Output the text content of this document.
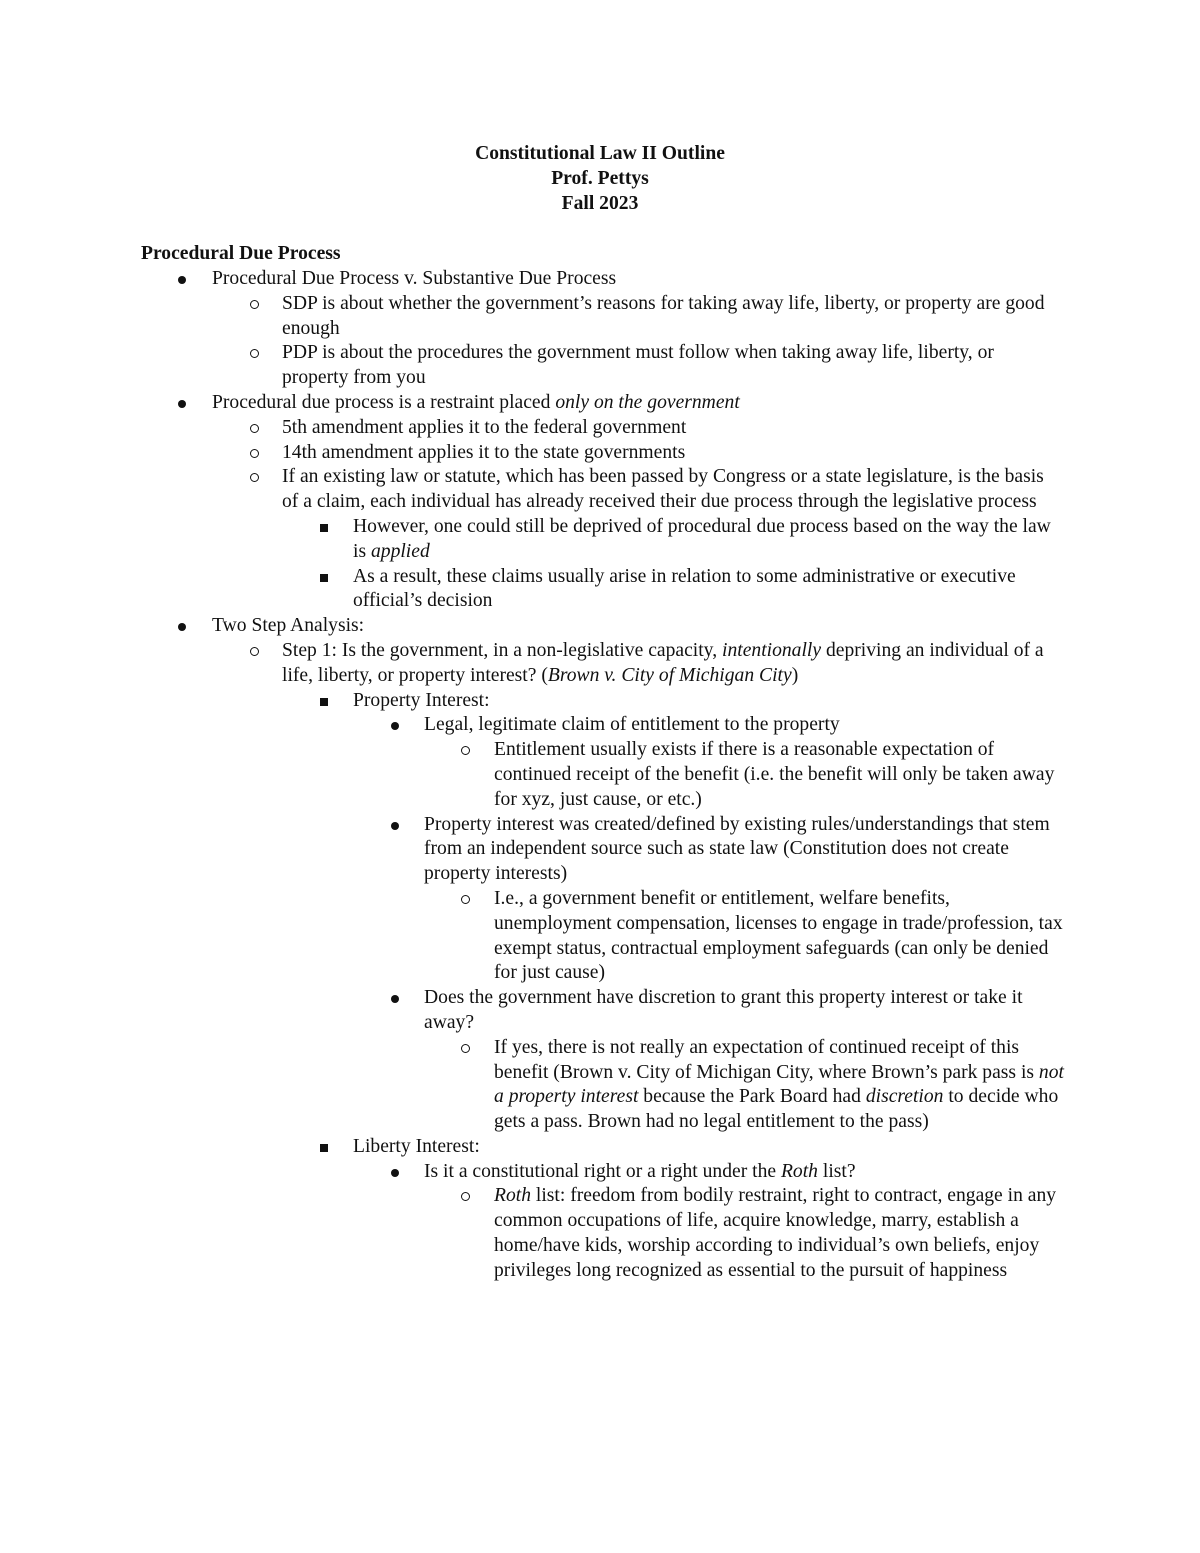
Constitutional Law II Outline
Prof. Pettys
Fall 2023
Procedural Due Process
Procedural Due Process v. Substantive Due Process
SDP is about whether the government’s reasons for taking away life, liberty, or property are good enough
PDP is about the procedures the government must follow when taking away life, liberty, or property from you
Procedural due process is a restraint placed only on the government
5th amendment applies it to the federal government
14th amendment applies it to the state governments
If an existing law or statute, which has been passed by Congress or a state legislature, is the basis of a claim, each individual has already received their due process through the legislative process
However, one could still be deprived of procedural due process based on the way the law is applied
As a result, these claims usually arise in relation to some administrative or executive official’s decision
Two Step Analysis:
Step 1: Is the government, in a non-legislative capacity, intentionally depriving an individual of a life, liberty, or property interest? (Brown v. City of Michigan City)
Property Interest:
Legal, legitimate claim of entitlement to the property
Entitlement usually exists if there is a reasonable expectation of continued receipt of the benefit (i.e. the benefit will only be taken away for xyz, just cause, or etc.)
Property interest was created/defined by existing rules/understandings that stem from an independent source such as state law (Constitution does not create property interests)
I.e., a government benefit or entitlement, welfare benefits, unemployment compensation, licenses to engage in trade/profession, tax exempt status, contractual employment safeguards (can only be denied for just cause)
Does the government have discretion to grant this property interest or take it away?
If yes, there is not really an expectation of continued receipt of this benefit (Brown v. City of Michigan City, where Brown’s park pass is not a property interest because the Park Board had discretion to decide who gets a pass. Brown had no legal entitlement to the pass)
Liberty Interest:
Is it a constitutional right or a right under the Roth list?
Roth list: freedom from bodily restraint, right to contract, engage in any common occupations of life, acquire knowledge, marry, establish a home/have kids, worship according to individual’s own beliefs, enjoy privileges long recognized as essential to the pursuit of happiness
